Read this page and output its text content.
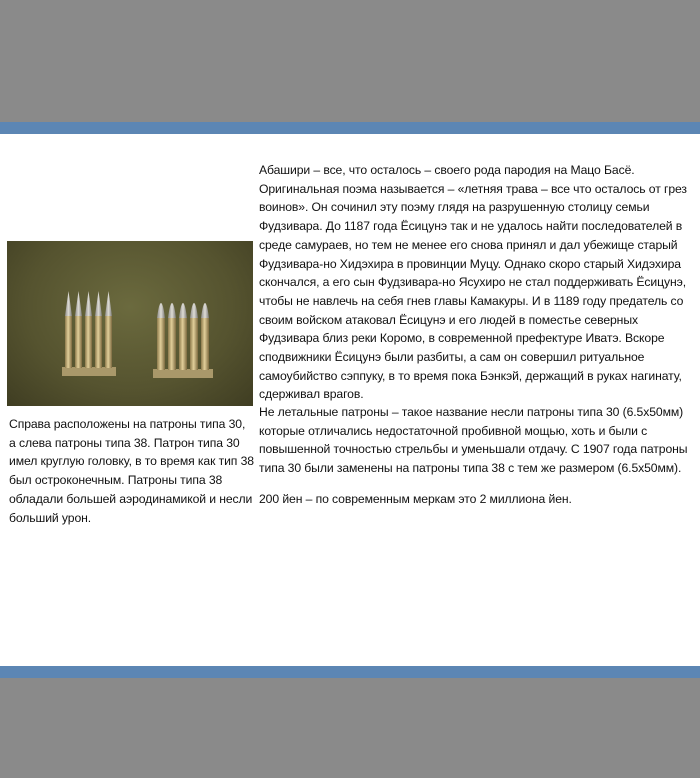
Справа расположены на патроны типа 30, а слева патроны типа 38. Патрон типа 30 имел круглую головку, в то время как тип 38 был остроконечным. Патроны типа 38 обладали большей аэродинамикой и несли больший урон.

Абашири – все, что осталось – своего рода пародия на Мацо Басё. Оригинальная поэма называется – «летняя трава – все что осталось от грез воинов». Он сочинил эту поэму глядя на разрушенную столицу семьи Фудзивара. До 1187 года Ёсицунэ так и не удалось найти последователей в среде самураев, но тем не менее его снова принял и дал убежище старый Фудзивара-но Хидэхира в провинции Муцу. Однако скоро старый Хидэхира скончался, а его сын Фудзивара-но Ясухиро не стал поддерживать Ёсицунэ, чтобы не навлечь на себя гнев главы Камакуры. И в 1189 году предатель со своим войском атаковал Ёсицунэ и его людей в поместье северных Фудзивара близ реки Коромо, в современной префектуре Иватэ. Вскоре сподвижники Ёсицунэ были разбиты, а сам он совершил ритуальное самоубийство сэппуку, в то время пока Бэнкэй, держащий в руках нагинату, сдерживал врагов.

Не летальные патроны – такое название несли патроны типа 30 (6.5х50мм) которые отличались недостаточной пробивной мощью, хоть и были с повышенной точностью стрельбы и уменьшали отдачу. С 1907 года патроны типа 30 были заменены на патроны типа 38 с тем же размером (6.5х50мм).

200 йен – по современным меркам это 2 миллиона йен.
